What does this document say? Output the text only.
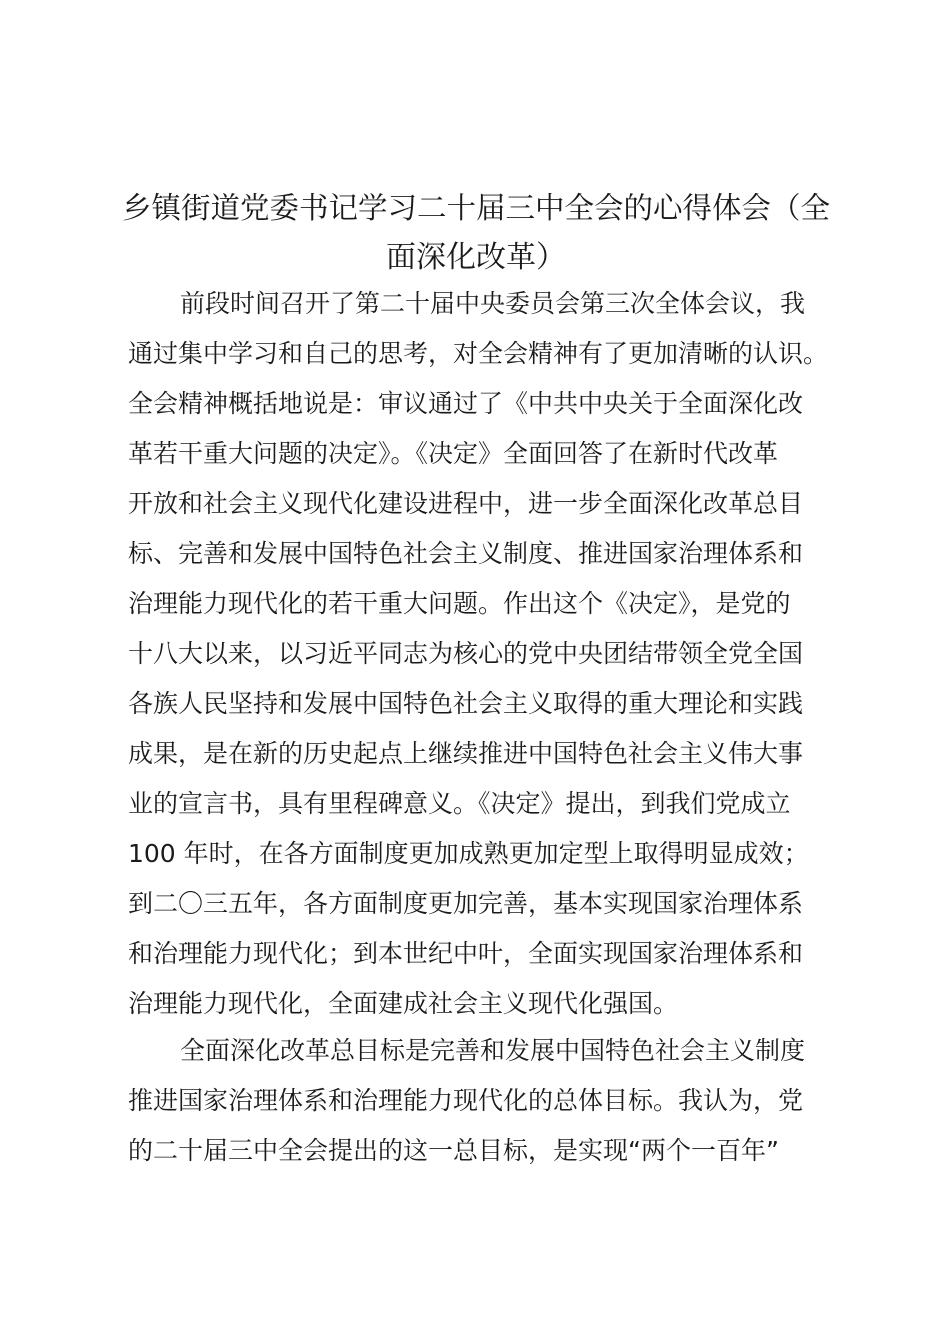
乡镇街道党委书记学习二十届三中全会的心得体会（全
面深化改革）
前段时间召开了第二十届中央委员会第三次全体会议，我
通过集中学习和自己的思考，对全会精神有了更加清晰的认识。
全会精神概括地说是：审议通过了《中共中央关于全面深化改
革若干重大问题的决定》。《决定》全面回答了在新时代改革
开放和社会主义现代化建设进程中，进一步全面深化改革总目
标、完善和发展中国特色社会主义制度、推进国家治理体系和
治理能力现代化的若干重大问题。作出这个《决定》，是党的
十八大以来，以习近平同志为核心的党中央团结带领全党全国
各族人民坚持和发展中国特色社会主义取得的重大理论和实践
成果，是在新的历史起点上继续推进中国特色社会主义伟大事
业的宣言书，具有里程碑意义。《决定》提出，到我们党成立
100 年时，在各方面制度更加成熟更加定型上取得明显成效；
到二〇三五年，各方面制度更加完善，基本实现国家治理体系
和治理能力现代化；到本世纪中叶，全面实现国家治理体系和
治理能力现代化，全面建成社会主义现代化强国。
全面深化改革总目标是完善和发展中国特色社会主义制度
推进国家治理体系和治理能力现代化的总体目标。我认为，党
的二十届三中全会提出的这一总目标，是实现“两个一百年”
